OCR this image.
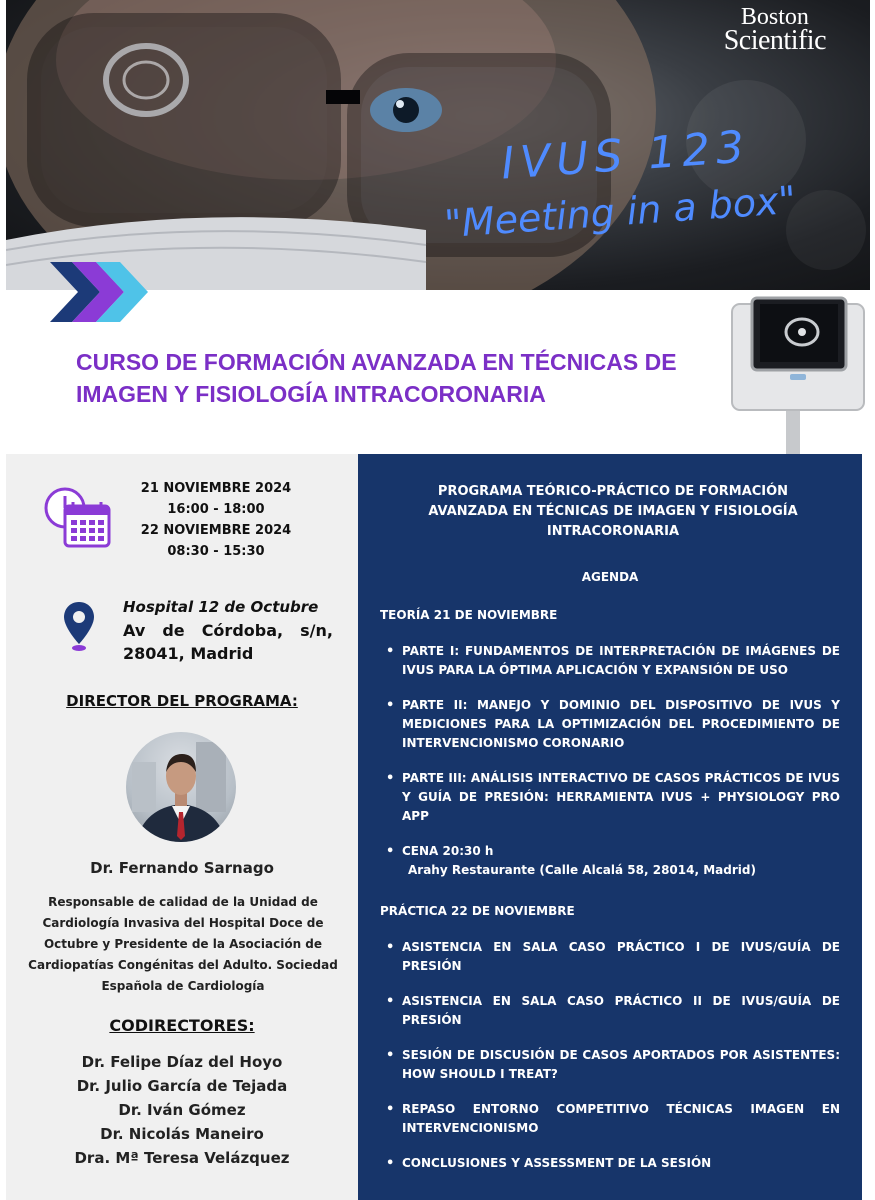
Boston
Scientific
IVUS 123
"Meeting in a box"
CURSO DE FORMACIÓN AVANZADA EN TÉCNICAS DE
IMAGEN Y FISIOLOGÍA INTRACORONARIA
21 NOVIEMBRE 2024
16:00 - 18:00
22 NOVIEMBRE 2024
08:30 - 15:30
Hospital 12 de Octubre
Av de Córdoba, s/n,
28041, Madrid
DIRECTOR DEL PROGRAMA:
Dr. Fernando Sarnago
Responsable de calidad de la Unidad de Cardiología Invasiva del Hospital Doce de Octubre y Presidente de la Asociación de Cardiopatías Congénitas del Adulto. Sociedad Española de Cardiología
CODIRECTORES:
Dr. Felipe Díaz del Hoyo
Dr. Julio García de Tejada
Dr. Iván Gómez
Dr. Nicolás Maneiro
Dra. Mª Teresa Velázquez
PROGRAMA TEÓRICO-PRÁCTICO DE FORMACIÓN
AVANZADA EN TÉCNICAS DE IMAGEN Y FISIOLOGÍA
INTRACORONARIA
AGENDA
TEORÍA 21 DE NOVIEMBRE
• PARTE I: FUNDAMENTOS DE INTERPRETACIÓN DE IMÁGENES DE IVUS PARA LA ÓPTIMA APLICACIÓN Y EXPANSIÓN DE USO
• PARTE II: MANEJO Y DOMINIO DEL DISPOSITIVO DE IVUS Y MEDICIONES PARA LA OPTIMIZACIÓN DEL PROCEDIMIENTO DE INTERVENCIONISMO CORONARIO
• PARTE III: ANÁLISIS INTERACTIVO DE CASOS PRÁCTICOS DE IVUS Y GUÍA DE PRESIÓN: HERRAMIENTA IVUS + PHYSIOLOGY PRO APP
• CENA 20:30 h
Arahy Restaurante (Calle Alcalá 58, 28014, Madrid)
PRÁCTICA 22 DE NOVIEMBRE
• ASISTENCIA EN SALA CASO PRÁCTICO I DE IVUS/GUÍA DE PRESIÓN
• ASISTENCIA EN SALA CASO PRÁCTICO II DE IVUS/GUÍA DE PRESIÓN
• SESIÓN DE DISCUSIÓN DE CASOS APORTADOS POR ASISTENTES: HOW SHOULD I TREAT?
• REPASO ENTORNO COMPETITIVO TÉCNICAS IMAGEN EN INTERVENCIONISMO
• CONCLUSIONES Y ASSESSMENT DE LA SESIÓN
